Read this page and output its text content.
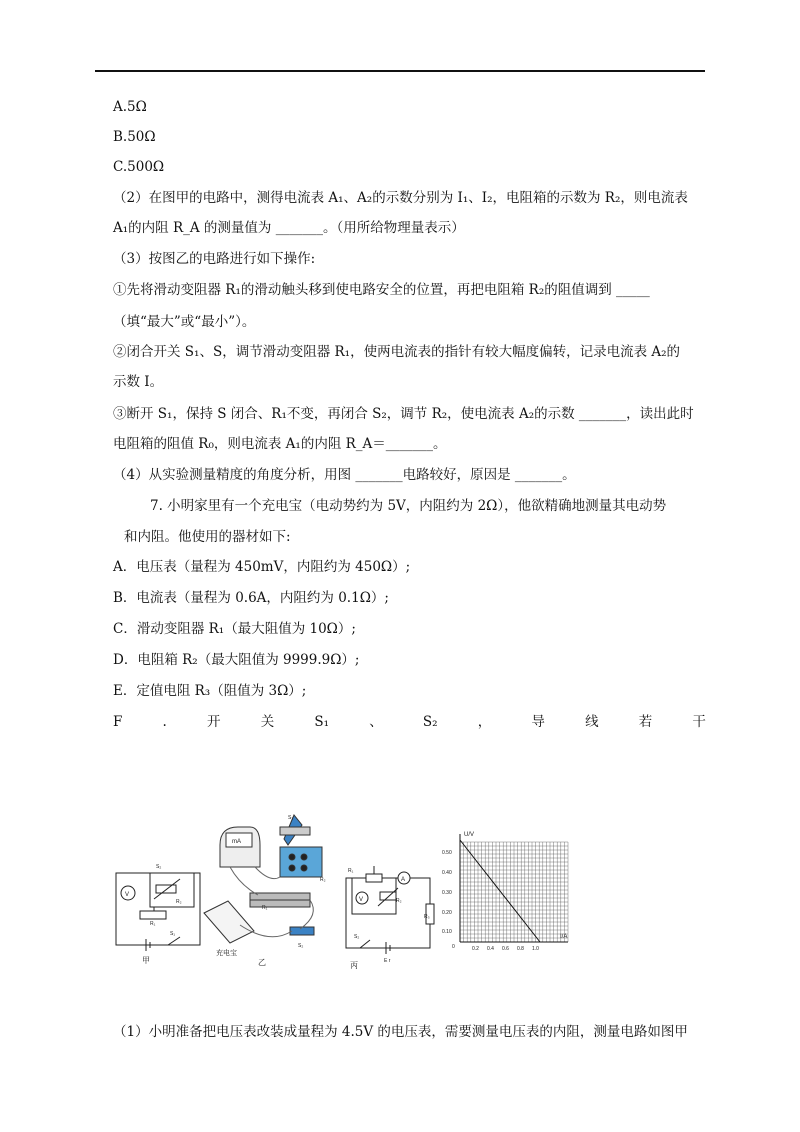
A.5Ω
B.50Ω
C.500Ω
（2）在图甲的电路中，测得电流表 A₁、A₂的示数分别为 I₁、I₂，电阻箱的示数为 R₂，则电流表
A₁的内阻 R_A 的测量值为 _______。（用所给物理量表示）
（3）按图乙的电路进行如下操作:
①先将滑动变阻器 R₁的滑动触头移到使电路安全的位置，再把电阻箱 R₂的阻值调到 _____
（填“最大”或“最小”）。
②闭合开关 S₁、S，调节滑动变阻器 R₁，使两电流表的指针有较大幅度偏转，记录电流表 A₂的
示数 I。
③断开 S₁，保持 S 闭合、R₁不变，再闭合 S₂，调节 R₂，使电流表 A₂的示数 _______，读出此时
电阻箱的阻值 R₀，则电流表 A₁的内阻 R_A＝_______。
（4）从实验测量精度的角度分析，用图 _______电路较好，原因是 _______。
7. 小明家里有一个充电宝（电动势约为 5V，内阻约为 2Ω），他欲精确地测量其电动势
和内阻。他使用的器材如下:
A．电压表（量程为 450mV，内阻约为 450Ω）;
B．电流表（量程为 0.6A，内阻约为 0.1Ω）;
C．滑动变阻器 R₁（最大阻值为 10Ω）;
D．电阻箱 R₂（最大阻值为 9999.9Ω）;
E．定值电阻 R₃（阻值为 3Ω）;
F	.	开	关	S₁	、	S₂	，	导	线	若	干
V
S₂
R₂
R₁
S₁
甲
mA
S₁
R₂
R₁
S₂
充电宝
乙
R₁
A
V	R₂
R₃
S₂
E r
丙
U/V
I/A
0.50
0.40
0.30
0.20
0.10
0	0.2 0.4 0.6 0.8 1.0
（1）小明准备把电压表改装成量程为 4.5V 的电压表，需要测量电压表的内阻，测量电路如图甲
